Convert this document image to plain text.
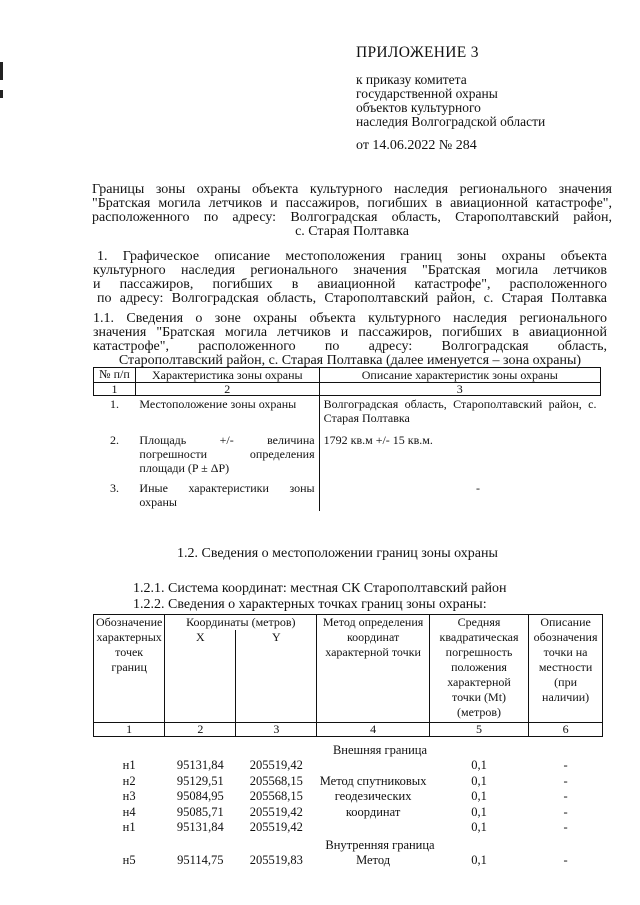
ПРИЛОЖЕНИЕ 3
к приказу комитета
государственной охраны
объектов культурного
наследия Волгоградской области
от 14.06.2022 № 284
Границы зоны охраны объекта культурного наследия регионального значения
"Братская могила летчиков и пассажиров, погибших в авиационной катастрофе",
расположенного по адресу: Волгоградская область, Старополтавский район,
с. Старая Полтавка
1. Графическое описание местоположения границ зоны охраны объекта
культурного наследия регионального значения "Братская могила летчиков
и пассажиров, погибших в авиационной катастрофе", расположенного
по адресу: Волгоградская область, Старополтавский район, с. Старая Полтавка
1.1. Сведения о зоне охраны объекта культурного наследия регионального
значения "Братская могила летчиков и пассажиров, погибших в авиационной
катастрофе", расположенного по адресу: Волгоградская область,
Старополтавский район, с. Старая Полтавка (далее именуется – зона охраны)
№ п/п	Характеристика зоны охраны	Описание характеристик зоны охраны
1	2	3
1.	Местоположение зоны охраны	Волгоградская область, Старополтавский район, с. Старая Полтавка
2.	Площадь +/- величина погрешности определения площади (P ± ΔP)	1792 кв.м +/- 15 кв.м.
3.	Иные характеристики зоны охраны	-
1.2. Сведения о местоположении границ зоны охраны
1.2.1. Система координат: местная СК Старополтавский район
1.2.2. Сведения о характерных точках границ зоны охраны:
Обозначение характерных точек границ	Координаты (метров)		Метод определения координат характерной точки	Средняя квадратическая погрешность положения характерной точки (Mt) (метров)	Описание обозначения точки на местности (при наличии)
	X	Y			
1	2	3	4	5	6
Внешняя граница					
н1	95131,84	205519,42	Метод спутниковых геодезических координат	0,1	-
н2	95129,51	205568,15		0,1	-
н3	95084,95	205568,15		0,1	-
н4	95085,71	205519,42		0,1	-
н1	95131,84	205519,42		0,1	-
Внутренняя граница					
н5	95114,75	205519,83	Метод	0,1	-
